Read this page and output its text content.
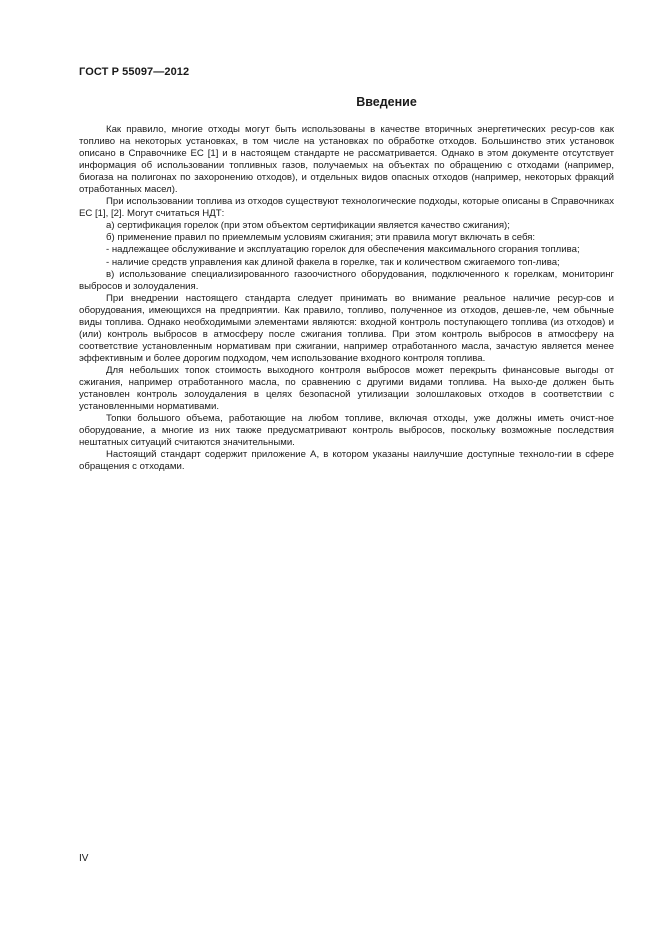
ГОСТ Р 55097—2012
Введение

Как правило, многие отходы могут быть использованы в качестве вторичных энергетических ресур-сов как топливо на некоторых установках, в том числе на установках по обработке отходов. Большинство этих установок описано в Справочнике ЕС [1] и в настоящем стандарте не рассматривается. Однако в этом документе отсутствует информация об использовании топливных газов, получаемых на объектах по обращению с отходами (например, биогаза на полигонах по захоронению отходов), и отдельных видов опасных отходов (например, некоторых фракций отработанных масел).

При использовании топлива из отходов существуют технологические подходы, которые описаны в Справочниках ЕС [1], [2]. Могут считаться НДТ:

а) сертификация горелок (при этом объектом сертификации является качество сжигания);

б) применение правил по приемлемым условиям сжигания; эти правила могут включать в себя:

- надлежащее обслуживание и эксплуатацию горелок для обеспечения максимального сгорания топлива;

- наличие средств управления как длиной факела в горелке, так и количеством сжигаемого топ-лива;

в) использование специализированного газоочистного оборудования, подключенного к горелкам, мониторинг выбросов и золоудаления.

При внедрении настоящего стандарта следует принимать во внимание реальное наличие ресур-сов и оборудования, имеющихся на предприятии. Как правило, топливо, полученное из отходов, дешев-ле, чем обычные виды топлива. Однако необходимыми элементами являются: входной контроль поступающего топлива (из отходов) и (или) контроль выбросов в атмосферу после сжигания топлива. При этом контроль выбросов в атмосферу на соответствие установленным нормативам при сжигании, например отработанного масла, зачастую является менее эффективным и более дорогим подходом, чем использование входного контроля топлива.

Для небольших топок стоимость выходного контроля выбросов может перекрыть финансовые выгоды от сжигания, например отработанного масла, по сравнению с другими видами топлива. На выхо-де должен быть установлен контроль золоудаления в целях безопасной утилизации золошлаковых отходов в соответствии с установленными нормативами.

Топки большого объема, работающие на любом топливе, включая отходы, уже должны иметь очист-ное оборудование, а многие из них также предусматривают контроль выбросов, поскольку возможные последствия нештатных ситуаций считаются значительными.

Настоящий стандарт содержит приложение А, в котором указаны наилучшие доступные техноло-гии в сфере обращения с отходами.

IV
